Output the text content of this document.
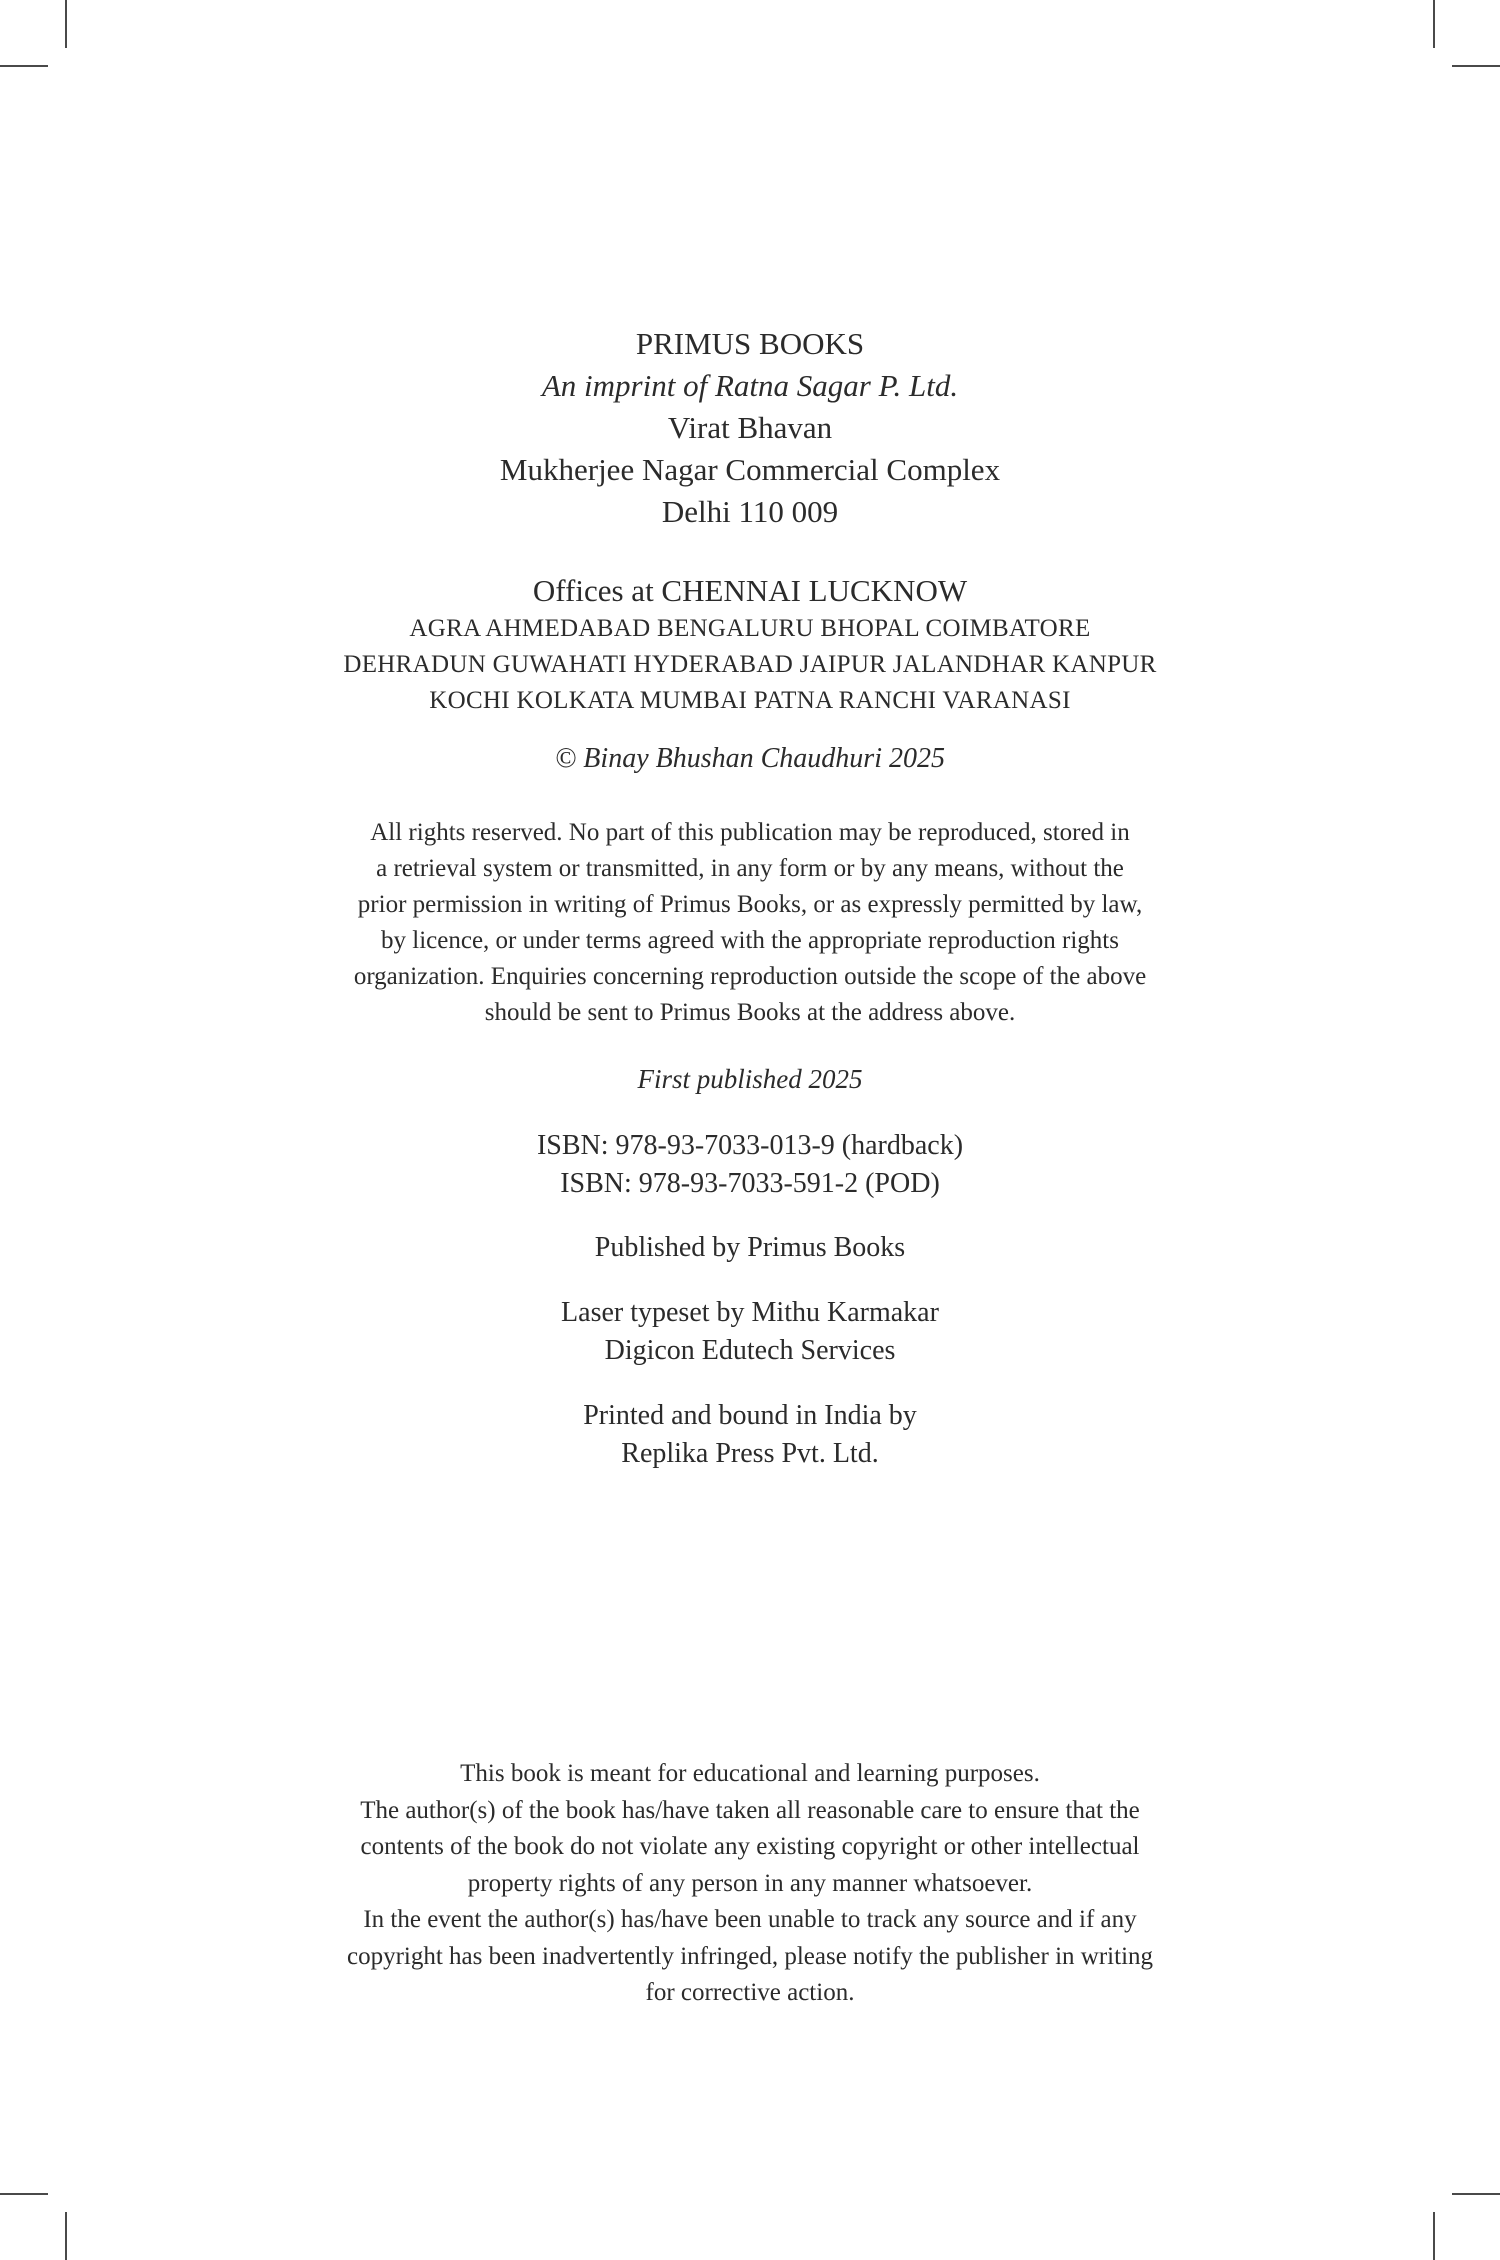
PRIMUS BOOKS
An imprint of Ratna Sagar P. Ltd.
Virat Bhavan
Mukherjee Nagar Commercial Complex
Delhi 110 009
Offices at CHENNAI LUCKNOW
AGRA AHMEDABAD BENGALURU BHOPAL COIMBATORE
DEHRADUN GUWAHATI HYDERABAD JAIPUR JALANDHAR KANPUR
KOCHI KOLKATA MUMBAI PATNA RANCHI VARANASI
© Binay Bhushan Chaudhuri 2025
All rights reserved. No part of this publication may be reproduced, stored in
a retrieval system or transmitted, in any form or by any means, without the
prior permission in writing of Primus Books, or as expressly permitted by law,
by licence, or under terms agreed with the appropriate reproduction rights
organization. Enquiries concerning reproduction outside the scope of the above
should be sent to Primus Books at the address above.
First published 2025
ISBN: 978-93-7033-013-9 (hardback)
ISBN: 978-93-7033-591-2 (POD)
Published by Primus Books
Laser typeset by Mithu Karmakar
Digicon Edutech Services
Printed and bound in India by
Replika Press Pvt. Ltd.
This book is meant for educational and learning purposes.
The author(s) of the book has/have taken all reasonable care to ensure that the
contents of the book do not violate any existing copyright or other intellectual
property rights of any person in any manner whatsoever.
In the event the author(s) has/have been unable to track any source and if any
copyright has been inadvertently infringed, please notify the publisher in writing
for corrective action.
